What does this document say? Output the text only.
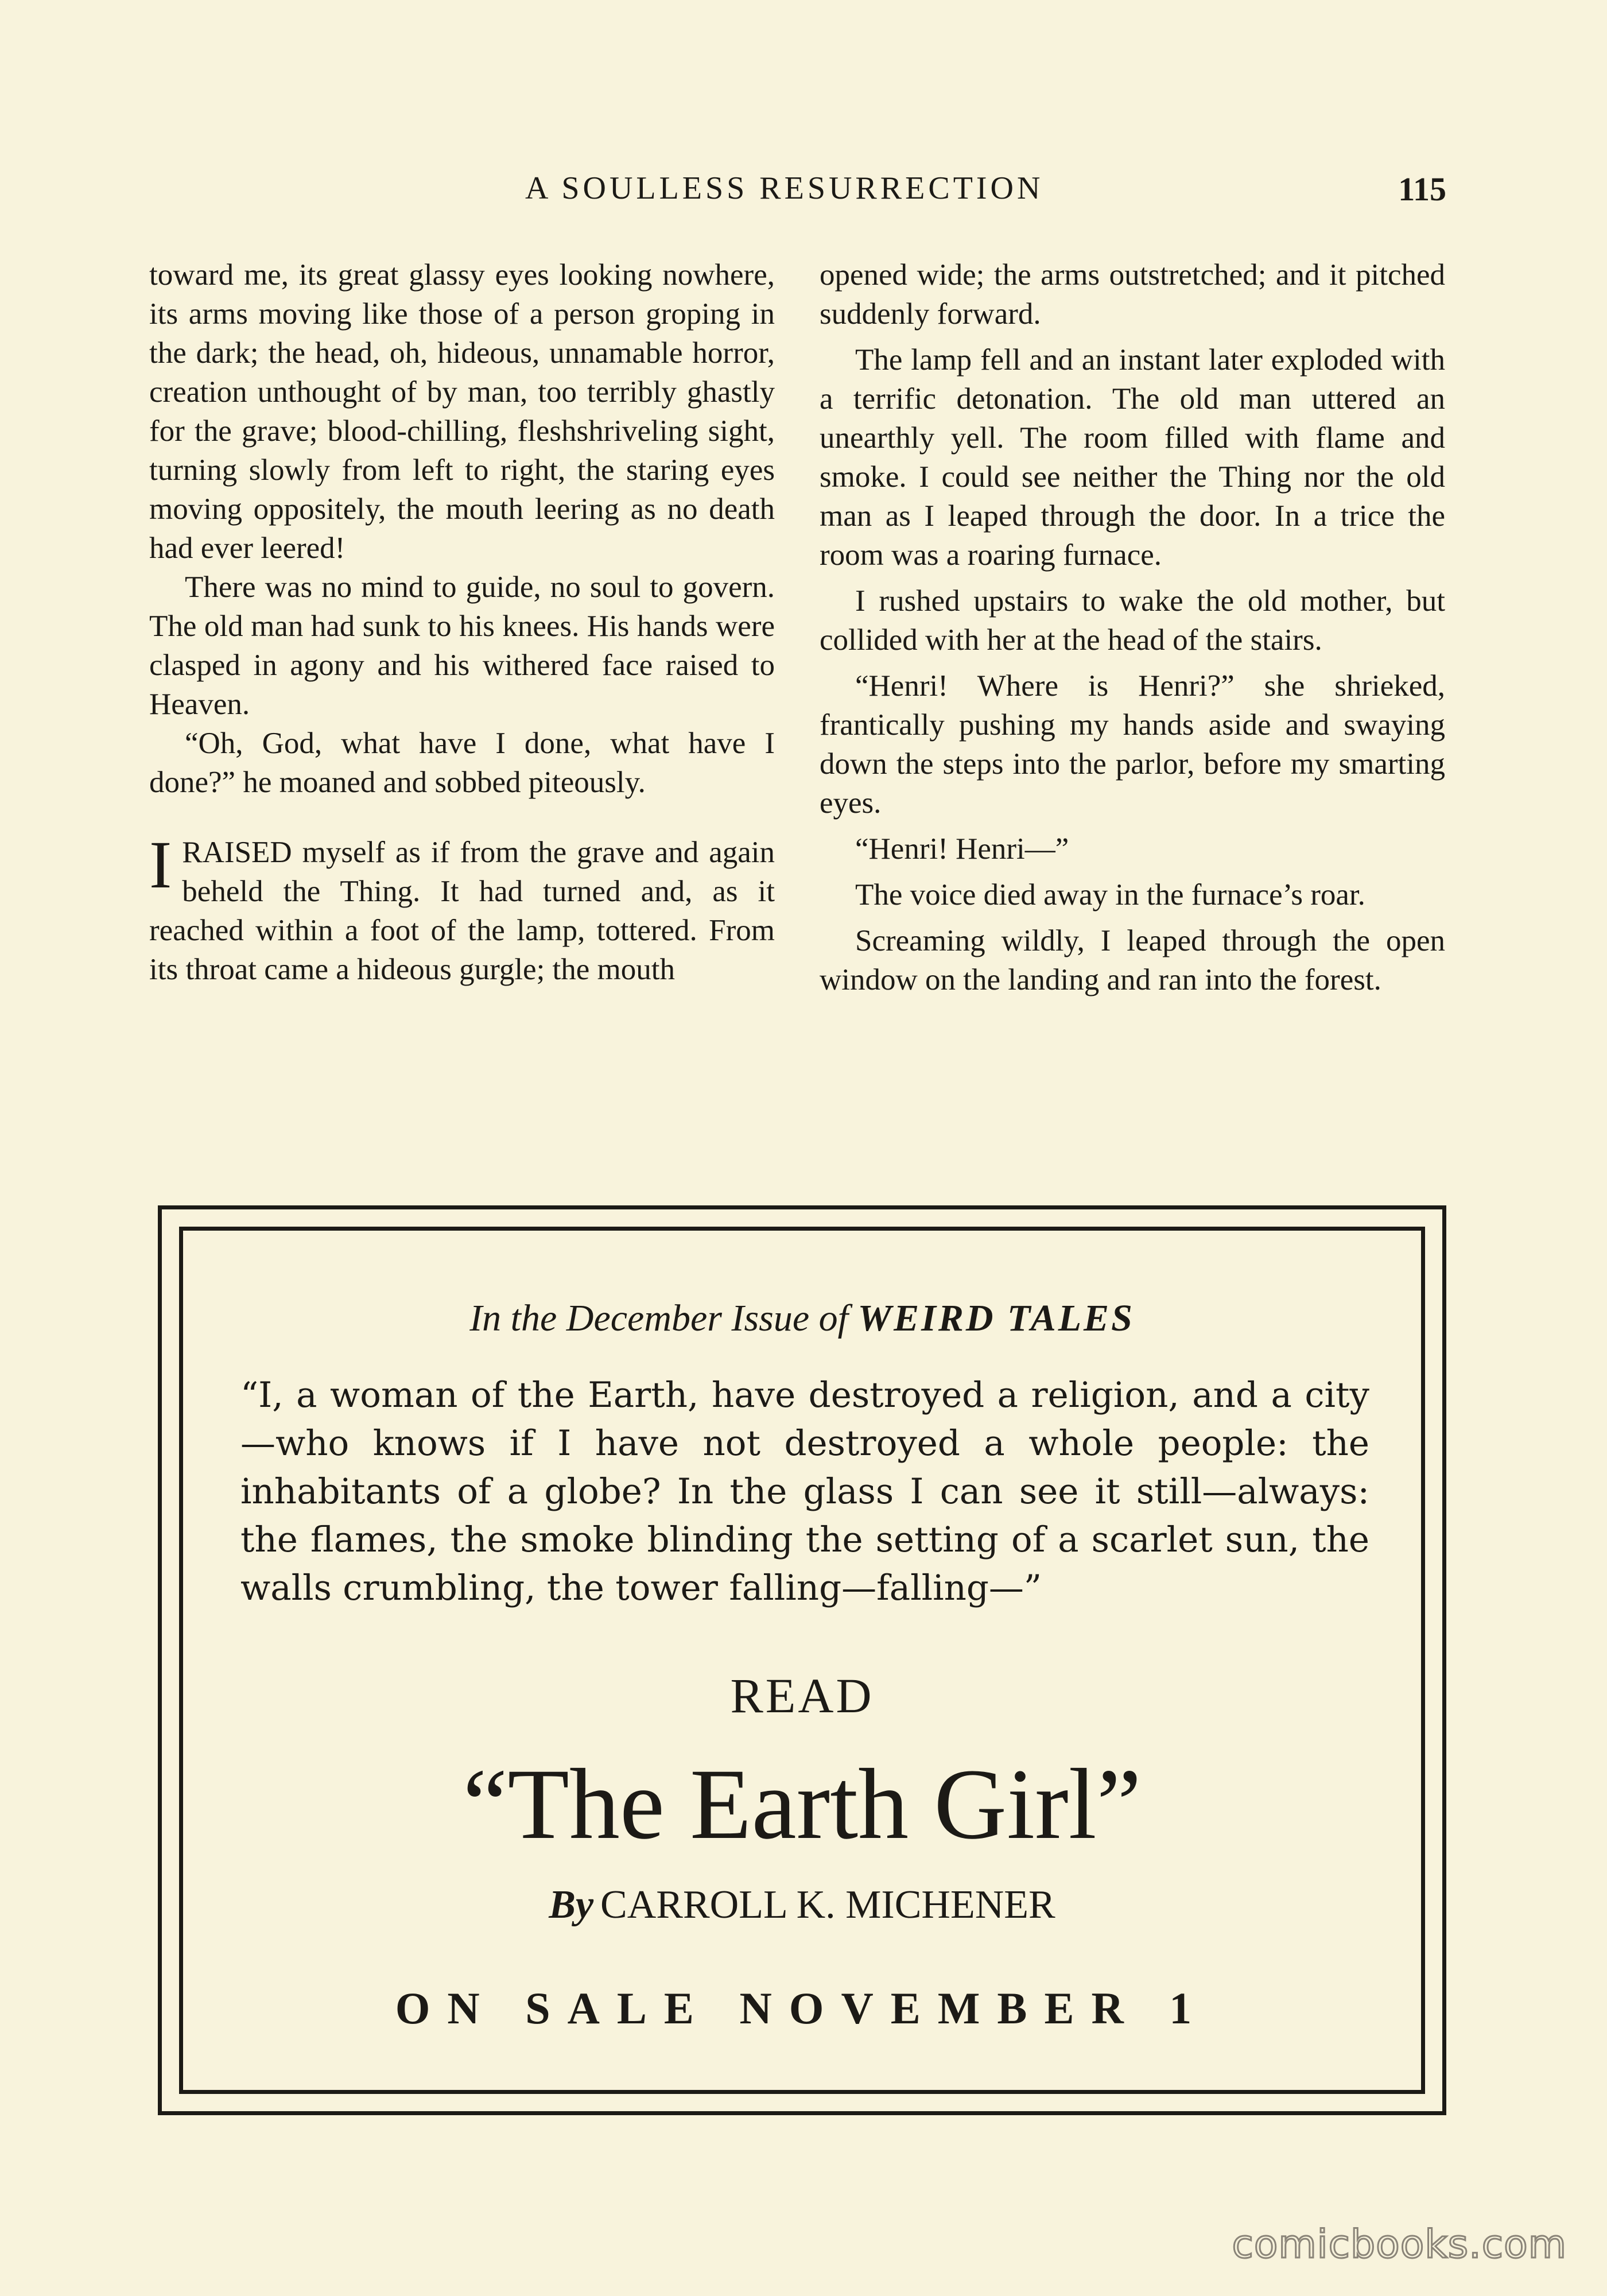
A SOULLESS RESURRECTION	115

toward me, its great glassy eyes looking nowhere, its arms moving like those of a person groping in the dark; the head, oh, hideous, unnamable horror, creation unthought of by man, too terribly ghastly for the grave; blood-chilling, fleshshriveling sight, turning slowly from left to right, the staring eyes moving oppositely, the mouth leering as no death had ever leered!

There was no mind to guide, no soul to govern. The old man had sunk to his knees. His hands were clasped in agony and his withered face raised to Heaven.

“Oh, God, what have I done, what have I done?” he moaned and sobbed piteously.

IRAISED myself as if from the grave and again beheld the Thing. It had turned and, as it reached within a foot of the lamp, tottered. From its throat came a hideous gurgle; the mouth

opened wide; the arms outstretched; and it pitched suddenly forward.

The lamp fell and an instant later exploded with a terrific detonation. The old man uttered an unearthly yell. The room filled with flame and smoke. I could see neither the Thing nor the old man as I leaped through the door. In a trice the room was a roaring furnace.

I rushed upstairs to wake the old mother, but collided with her at the head of the stairs.

“Henri! Where is Henri?” she shrieked, frantically pushing my hands aside and swaying down the steps into the parlor, before my smarting eyes.

“Henri! Henri—”

The voice died away in the furnace’s roar.

Screaming wildly, I leaped through the open window on the landing and ran into the forest.

In the December Issue of WEIRD TALES
“I, a woman of the Earth, have destroyed a religion, and a city—who knows if I have not destroyed a whole people: the inhabitants of a globe? In the glass I can see it still—always: the flames, the smoke blinding the setting of a scarlet sun, the walls crumbling, the tower falling—falling—”
READ
“The Earth Girl”
By CARROLL K. MICHENER
ON SALE NOVEMBER 1
comicbooks.com
